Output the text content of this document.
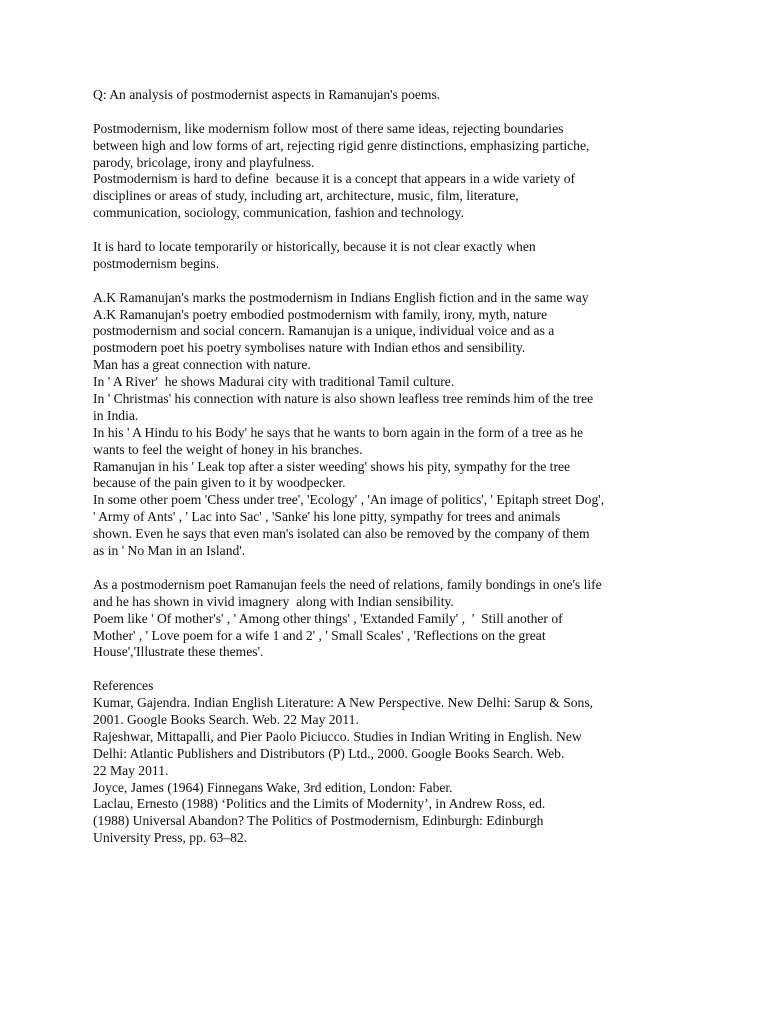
Q: An analysis of postmodernist aspects in Ramanujan's poems.
Postmodernism, like modernism follow most of there same ideas, rejecting boundaries
between high and low forms of art, rejecting rigid genre distinctions, emphasizing partiche,
parody, bricolage, irony and playfulness.
Postmodernism is hard to define  because it is a concept that appears in a wide variety of
disciplines or areas of study, including art, architecture, music, film, literature,
communication, sociology, communication, fashion and technology.
It is hard to locate temporarily or historically, because it is not clear exactly when
postmodernism begins.
A.K Ramanujan's marks the postmodernism in Indians English fiction and in the same way
A.K Ramanujan's poetry embodied postmodernism with family, irony, myth, nature
postmodernism and social concern. Ramanujan is a unique, individual voice and as a
postmodern poet his poetry symbolises nature with Indian ethos and sensibility.
Man has a great connection with nature.
In ' A River'  he shows Madurai city with traditional Tamil culture.
In ' Christmas' his connection with nature is also shown leafless tree reminds him of the tree
in India.
In his ' A Hindu to his Body' he says that he wants to born again in the form of a tree as he
wants to feel the weight of honey in his branches.
Ramanujan in his ' Leak top after a sister weeding' shows his pity, sympathy for the tree
because of the pain given to it by woodpecker.
In some other poem 'Chess under tree', 'Ecology' , 'An image of politics', ' Epitaph street Dog',
' Army of Ants' , ' Lac into Sac' , 'Sanke' his lone pitty, sympathy for trees and animals
shown. Even he says that even man's isolated can also be removed by the company of them
as in ' No Man in an Island'.
As a postmodernism poet Ramanujan feels the need of relations, family bondings in one's life
and he has shown in vivid imagnery  along with Indian sensibility.
Poem like ' Of mother's' , ' Among other things' , 'Extanded Family' ,  '  Still another of
Mother' , ' Love poem for a wife 1 and 2' , ' Small Scales' , 'Reflections on the great
House','Illustrate these themes'.
References
Kumar, Gajendra. Indian English Literature: A New Perspective. New Delhi: Sarup & Sons,
2001. Google Books Search. Web. 22 May 2011.
Rajeshwar, Mittapalli, and Pier Paolo Piciucco. Studies in Indian Writing in English. New
Delhi: Atlantic Publishers and Distributors (P) Ltd., 2000. Google Books Search. Web.
22 May 2011.
Joyce, James (1964) Finnegans Wake, 3rd edition, London: Faber.
Laclau, Ernesto (1988) ‘Politics and the Limits of Modernity’, in Andrew Ross, ed.
(1988) Universal Abandon? The Politics of Postmodernism, Edinburgh: Edinburgh
University Press, pp. 63–82.
